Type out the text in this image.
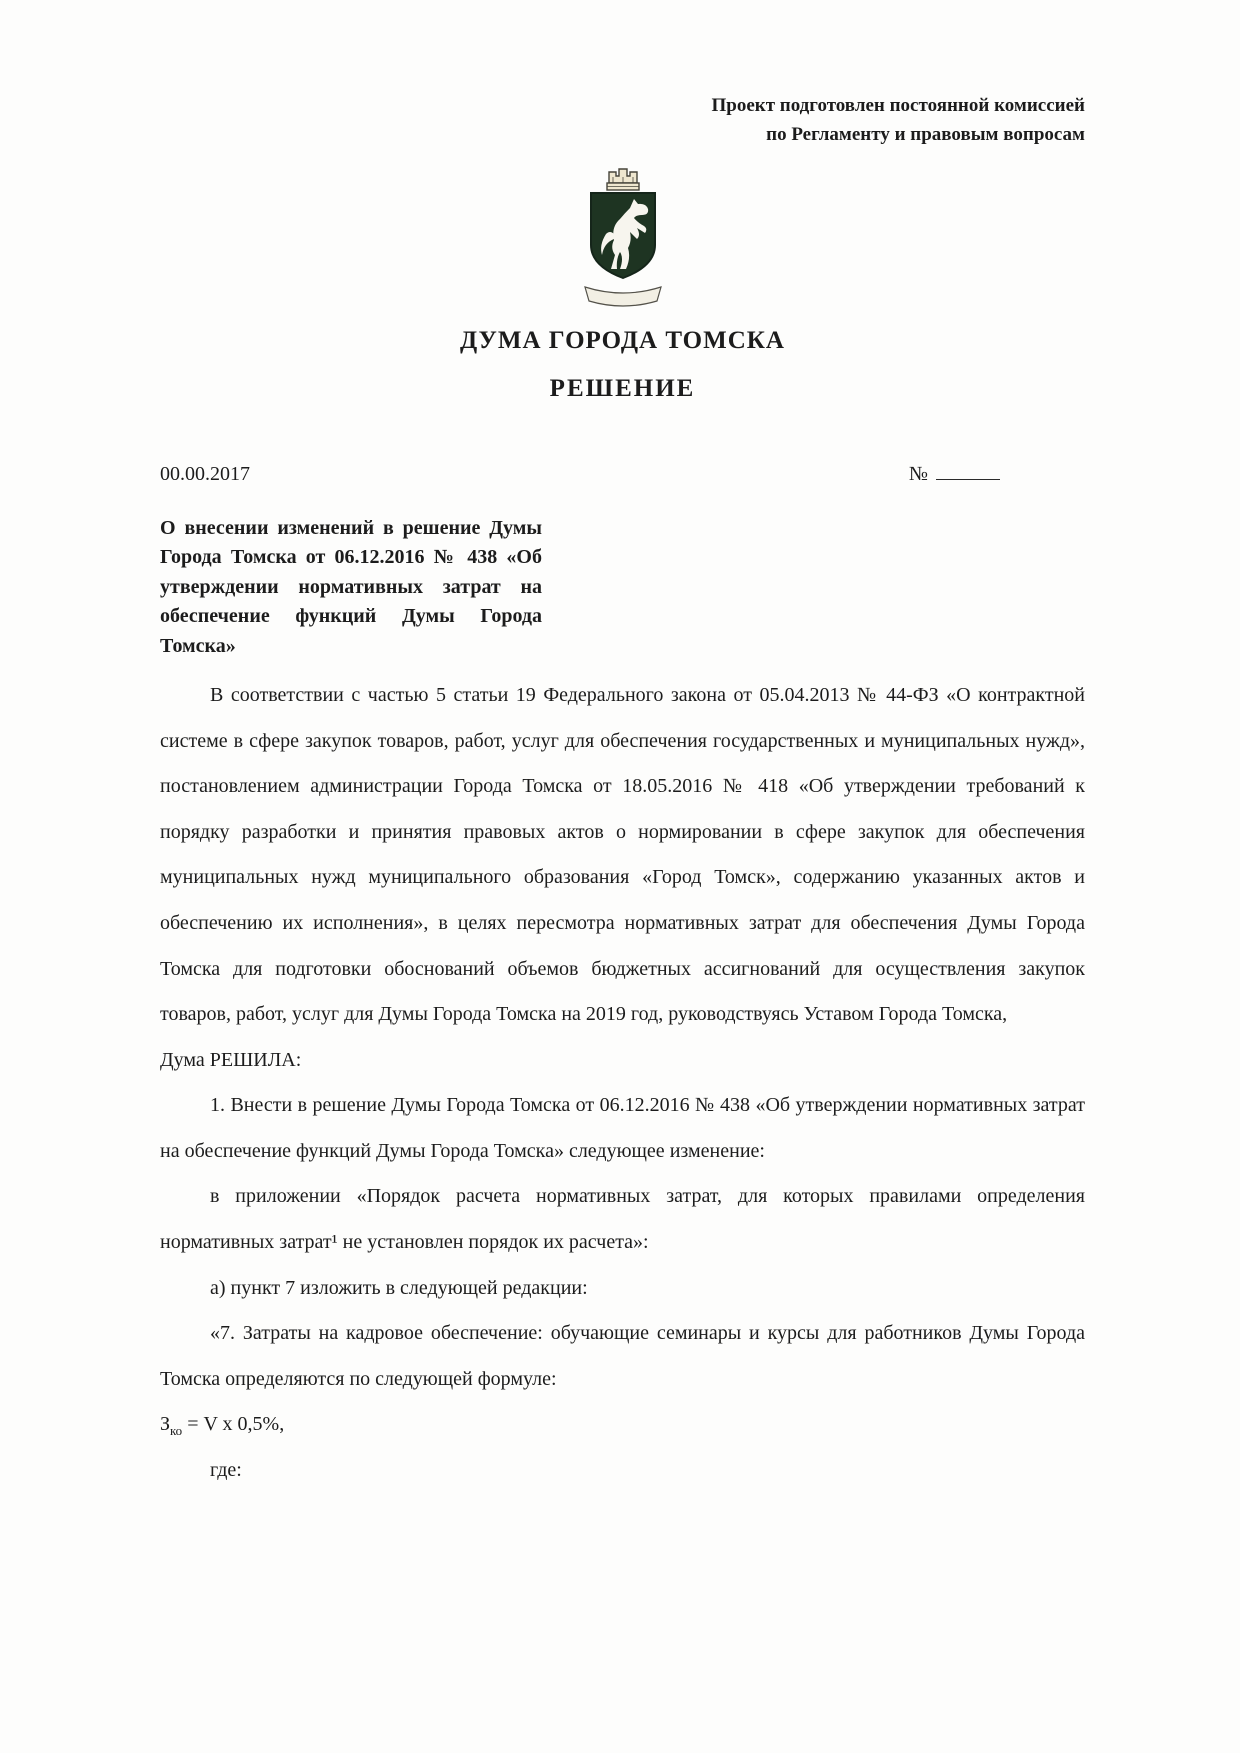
Проект подготовлен постоянной комиссией
по Регламенту и правовым вопросам
ДУМА ГОРОДА ТОМСКА
РЕШЕНИЕ
00.00.2017	№
О внесении изменений в решение Думы Города Томска от 06.12.2016 № 438 «Об утверждении нормативных затрат на обеспечение функций Думы Города Томска»

В соответствии с частью 5 статьи 19 Федерального закона от 05.04.2013 № 44-ФЗ «О контрактной системе в сфере закупок товаров, работ, услуг для обеспечения государственных и муниципальных нужд», постановлением администрации Города Томска от 18.05.2016 № 418 «Об утверждении требований к порядку разработки и принятия правовых актов о нормировании в сфере закупок для обеспечения муниципальных нужд муниципального образования «Город Томск», содержанию указанных актов и обеспечению их исполнения», в целях пересмотра нормативных затрат для обеспечения Думы Города Томска для подготовки обоснований объемов бюджетных ассигнований для осуществления закупок товаров, работ, услуг для Думы Города Томска на 2019 год, руководствуясь Уставом Города Томска,

Дума РЕШИЛА:

1. Внести в решение Думы Города Томска от 06.12.2016 № 438 «Об утверждении нормативных затрат на обеспечение функций Думы Города Томска» следующее изменение:

в приложении «Порядок расчета нормативных затрат, для которых правилами определения нормативных затрат¹ не установлен порядок их расчета»:

а) пункт 7 изложить в следующей редакции:

«7. Затраты на кадровое обеспечение: обучающие семинары и курсы для работников Думы Города Томска определяются по следующей формуле:

$З_{ко} = V$ х 0,5%,

где:
